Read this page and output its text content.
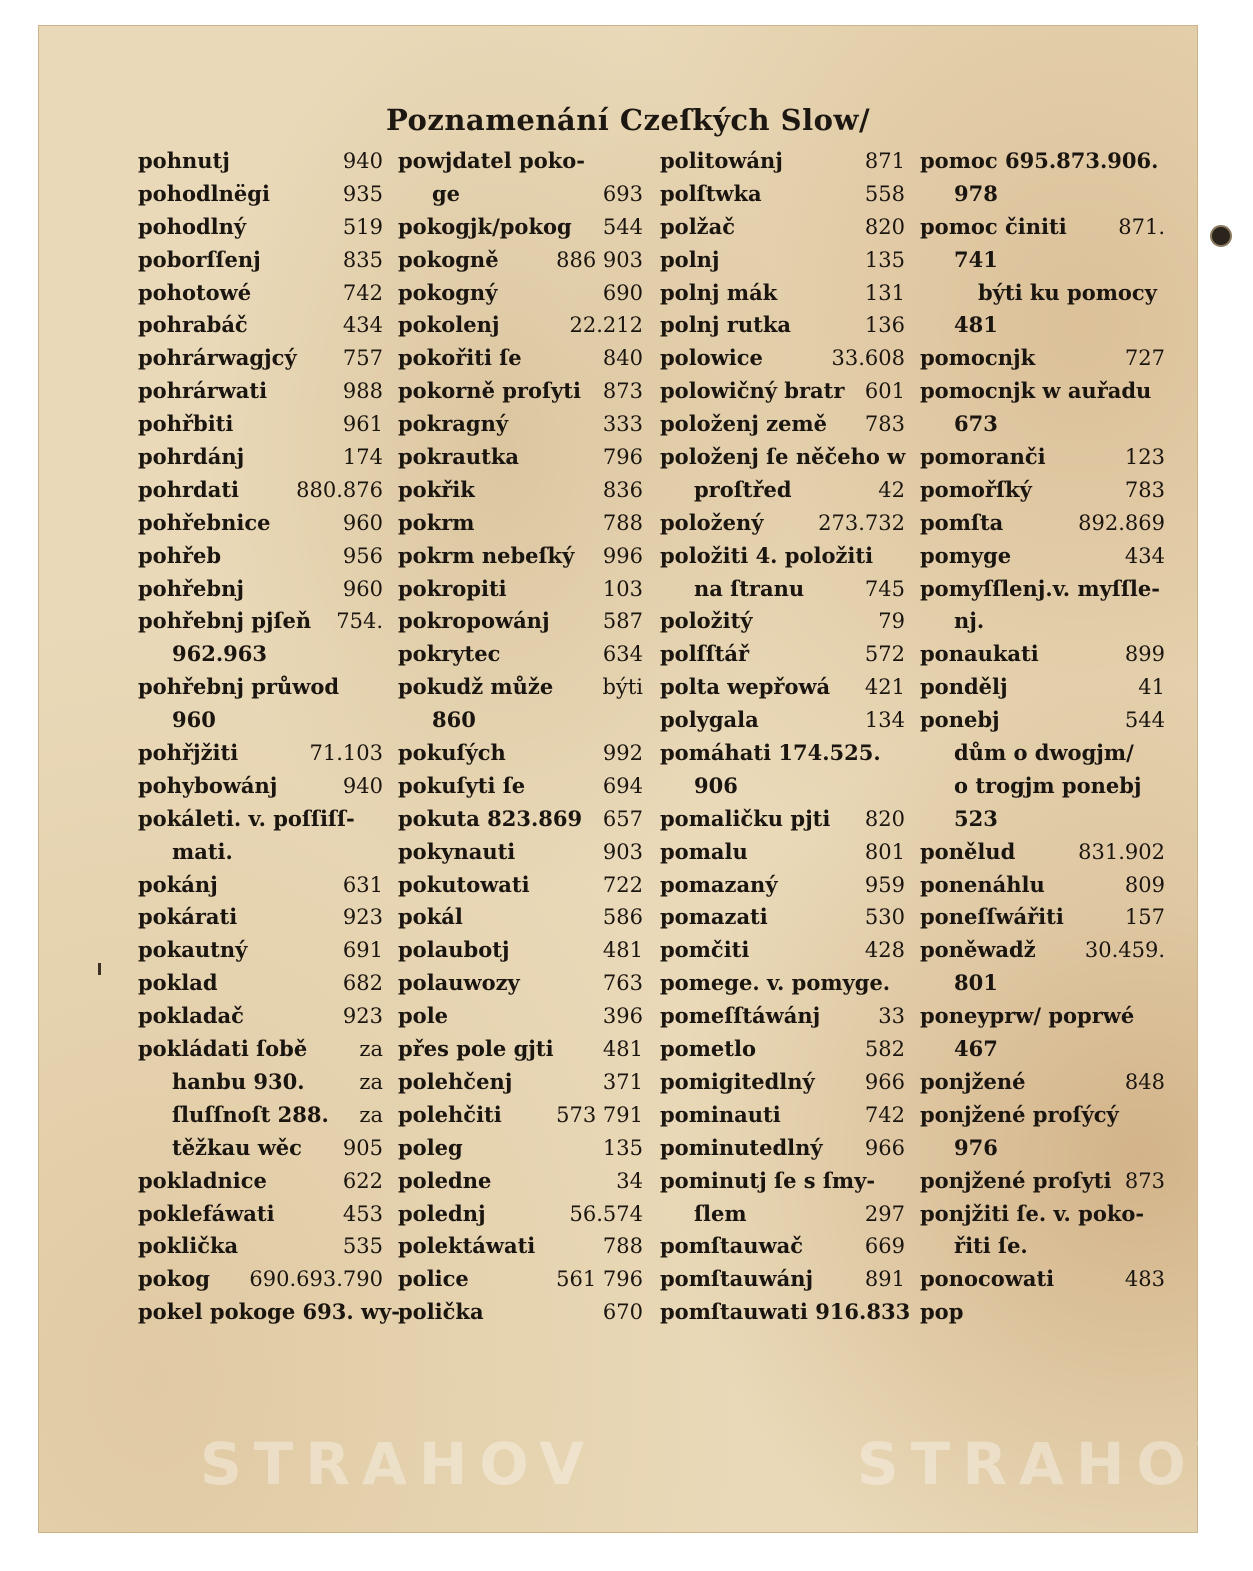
Poznamenání Czeſkých Slow/
pohnutj	940
pohodlnëgi	935
pohodlný	519
poborſſenj	835
pohotowé	742
pohrabáč	434
pohrárwagjcý 757
pohrárwati	988
pohřbiti	961
pohrdánj	174
pohrdati	880.876
pohřebnice	960
pohřeb	956
pohřebnj	960
pohřebnj pjſeň 754.
962.963
pohřebnj průwod
960
pohřjžiti	71.103
pohybowánj	940
pokáleti. v. poſſiſſ-
mati.
pokánj	631
pokárati	923
pokautný	691
poklad	682
pokladač	923
pokládati ſobě za
hanbu 930.	za
ſluſſnoſt 288. za
těžkau wěc 905
pokladnice	622
poklefáwati	453
poklička	535
pokog 690.693.790
pokel pokoge 693. wy-
powjdatel poko-
ge	693
pokogjk/pokog 544
pokogně	886 903
pokogný	690
pokolenj	22.212
pokořiti ſe	840
pokorně proſyti 873
pokragný	333
pokrautka	796
pokřik	836
pokrm	788
pokrm nebeſký 996
pokropiti	103
pokropowánj	587
pokrytec	634
pokudž může býti
860
pokuſých	992
pokuſyti ſe	694
pokuta 823.869 657
pokynauti	903
pokutowati	722
pokál	586
polaubotj	481
polauwozy	763
pole	396
přes pole gjti 481
polehčenj	371
polehčiti	573 791
poleg	135
poledne	34
polednj	56.574
polektáwati	788
police	561 796
polička	670
politowánj	871
polſtwka	558
polžač	820
polnj	135
polnj mák	131
polnj rutka	136
polowice	33.608
polowičný bratr 601
položenj země 783
položenj ſe něčeho w
proſtřed	42
položený	273.732
položiti 4. položiti
na ſtranu	745
položitý	79
polſſtář	572
polta wepřowá 421
polygala	134
pomáhati 174.525.
906
pomaličku pjti 820
pomalu	801
pomazaný	959
pomazati	530
pomčiti	428
pomege. v. pomyge.
pomeſſtáwánj	33
pometlo	582
pomigitedlný 966
pominauti	742
pominutedlný 966
pominutj ſe s ſmy-
ſlem	297
pomſtauwač	669
pomſtauwánj 891
pomſtauwati 916.833
pomoc 695.873.906.
978
pomoc činiti 871.
741
býti ku pomocy
481
pomocnjk	727
pomocnjk w auřadu
673
pomoranči	123
pomořſký	783
pomſta	892.869
pomyge	434
pomyſſlenj.v. myſſle-
nj.
ponaukati	899
pondělj	41
ponebj	544
dům o dwogjm/
o trogjm ponebj
523
ponělud	831.902
ponenáhlu	809
poneſſwářiti	157
poněwadž 30.459.
801
poneyprw/ poprwé
467
ponjžené	848
ponjžené proſýcý
976
ponjžené proſyti 873
ponjžiti ſe. v. poko-
řiti ſe.
ponocowati	483
pop
STRAHOV	STRAHOV
